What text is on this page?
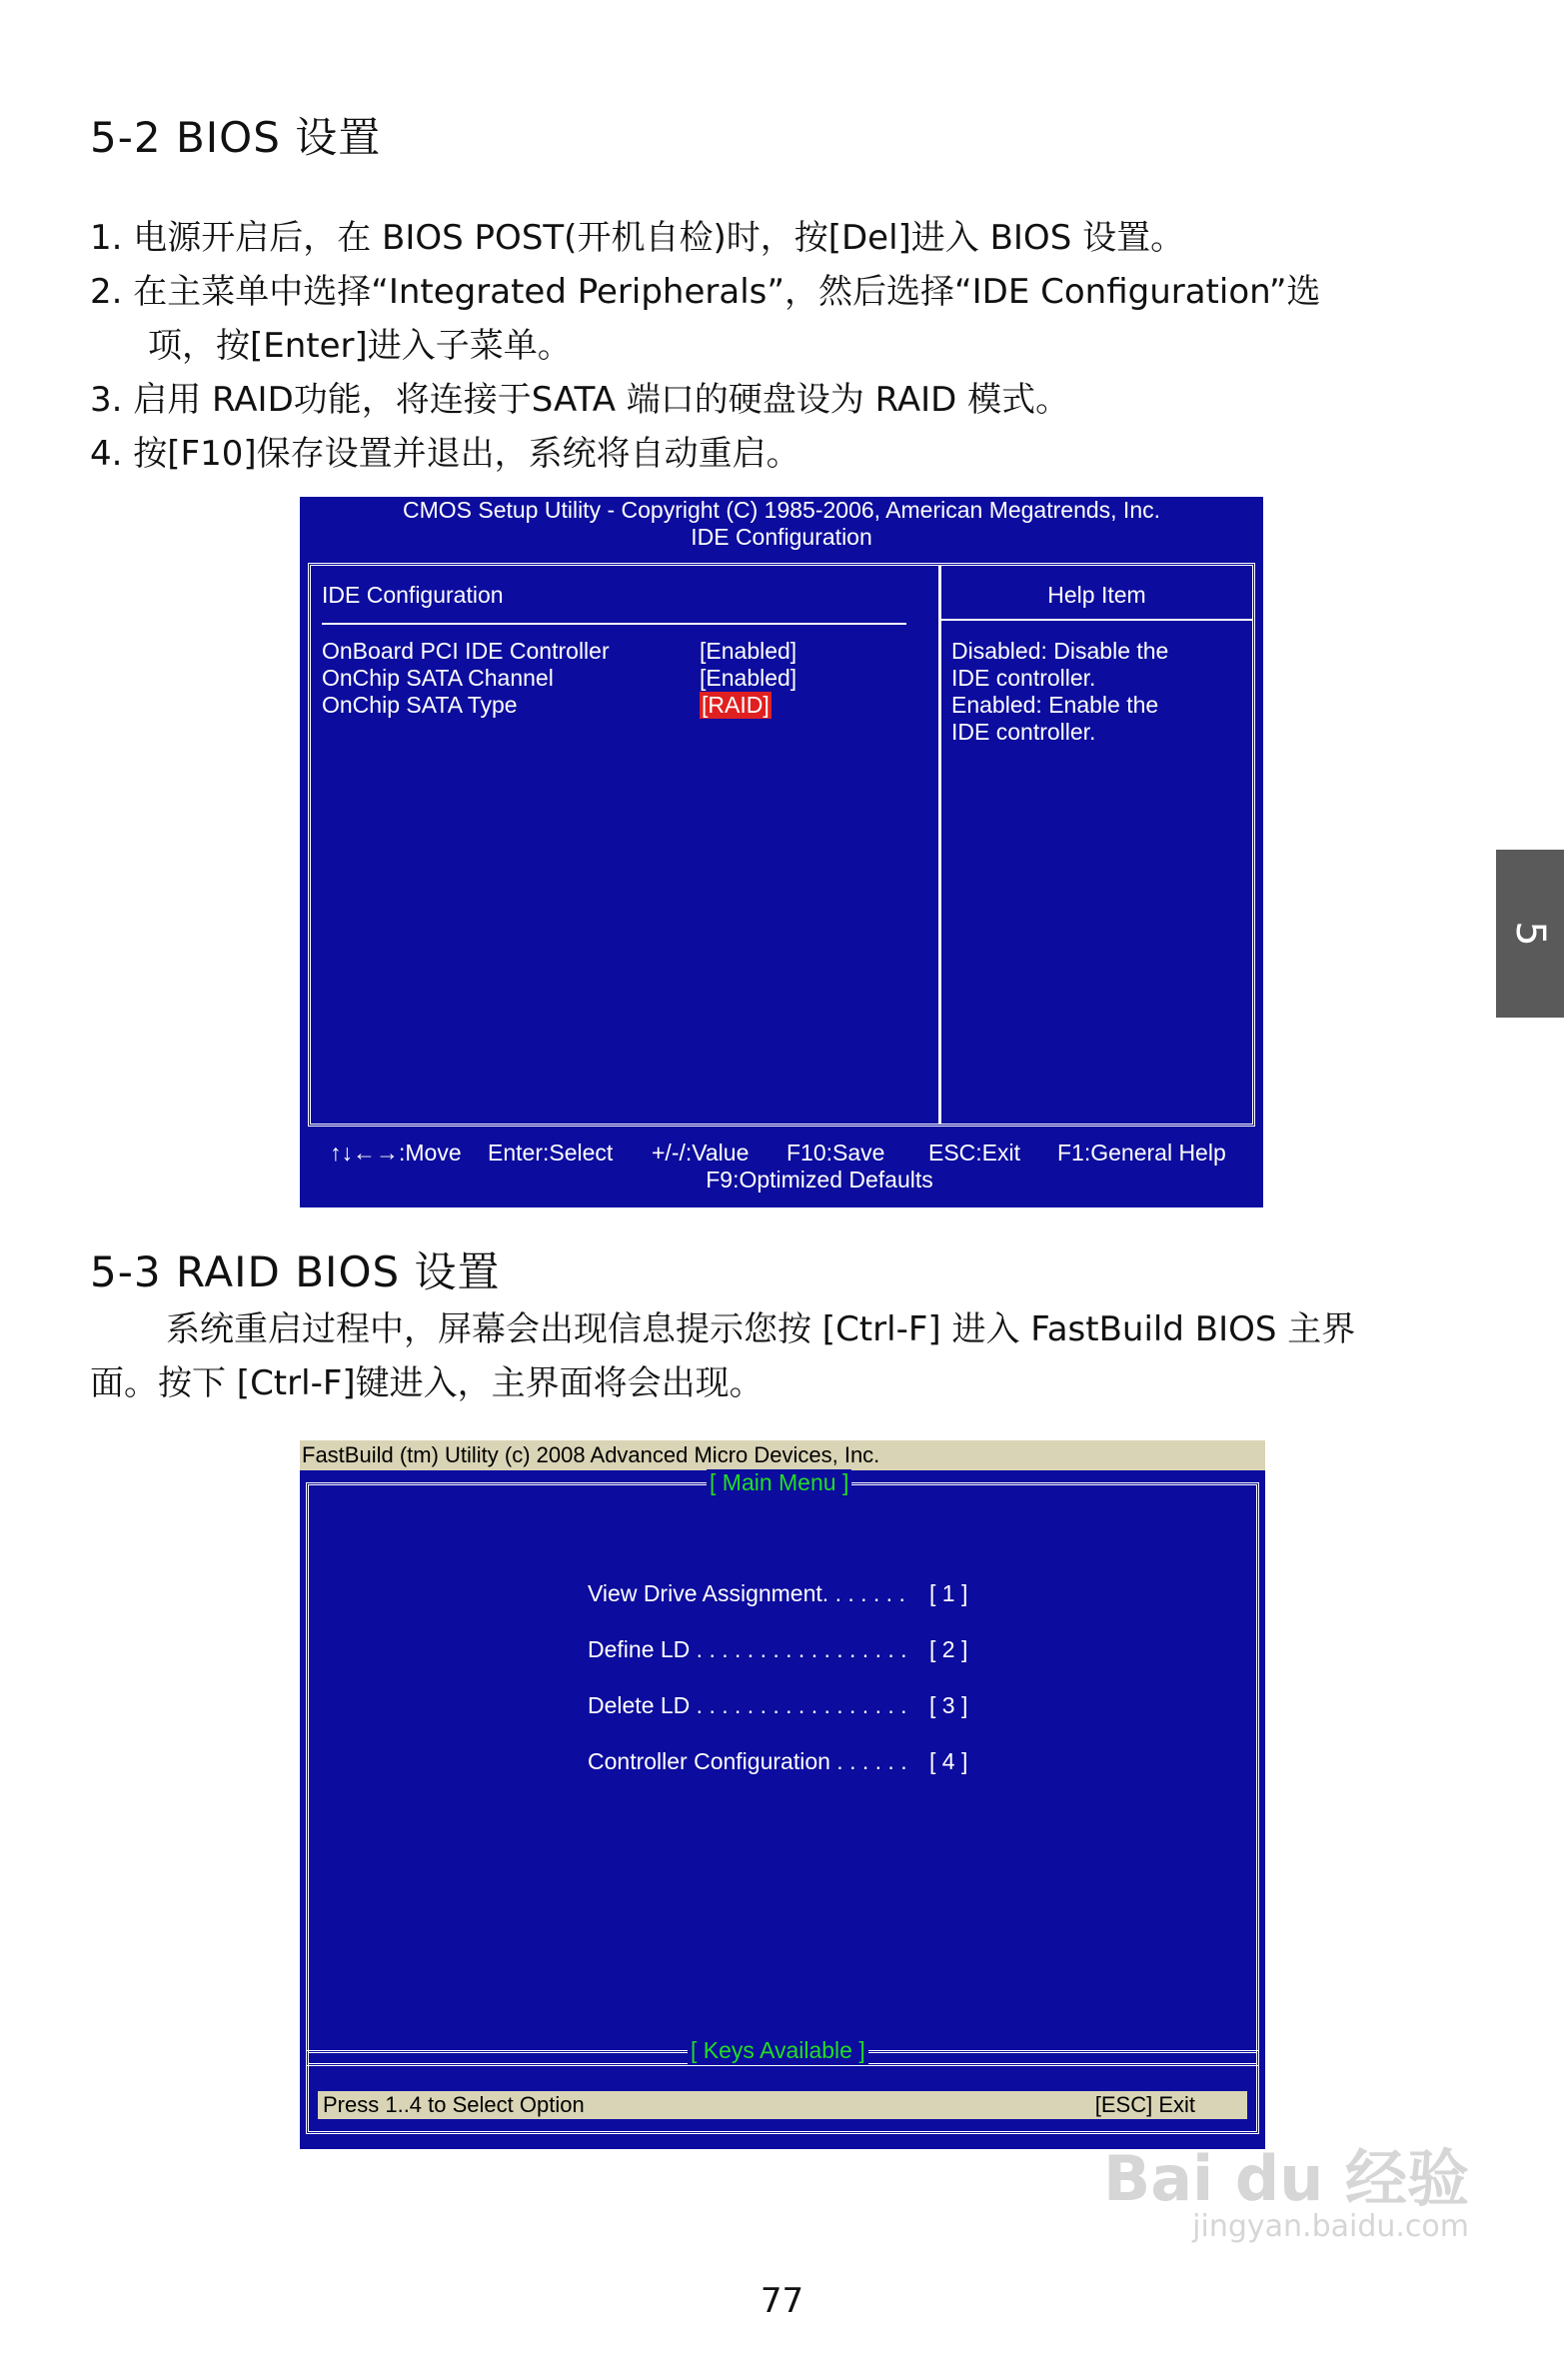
5-2 BIOS 设置
1. 电源开启后，在 BIOS POST(开机自检)时，按[Del]进入 BIOS 设置。
2. 在主菜单中选择“Integrated Peripherals”，然后选择“IDE Configuration”选
项，按[Enter]进入子菜单。
3. 启用 RAID功能，将连接于SATA 端口的硬盘设为 RAID 模式。
4. 按[F10]保存设置并退出，系统将自动重启。
CMOS Setup Utility - Copyright (C) 1985-2006, American Megatrends, Inc.
IDE Configuration
IDE Configuration	Help Item
OnBoard PCI IDE Controller	[Enabled]
OnChip SATA Channel	[Enabled]
OnChip SATA Type	[RAID]
Disabled: Disable the
IDE controller.
Enabled: Enable the
IDE controller.
↑↓←→:Move Enter:Select +/-/:Value F10:Save ESC:Exit F1:General Help
F9:Optimized Defaults
5-3 RAID BIOS 设置
系统重启过程中，屏幕会出现信息提示您按 [Ctrl-F] 进入 FastBuild BIOS 主界
面。按下 [Ctrl-F]键进入，主界面将会出现。
FastBuild (tm) Utility (c) 2008 Advanced Micro Devices, Inc.
[ Main Menu ]
View Drive Assignment. . . . . . . [ 1 ]
Define LD . . . . . . . . . . . . . . . . . [ 2 ]
Delete LD . . . . . . . . . . . . . . . . . [ 3 ]
Controller Configuration . . . . . . [ 4 ]
[ Keys Available ]
Press 1..4 to Select Option	[ESC] Exit
5
77
Bai du 经验
jingyan.baidu.com
